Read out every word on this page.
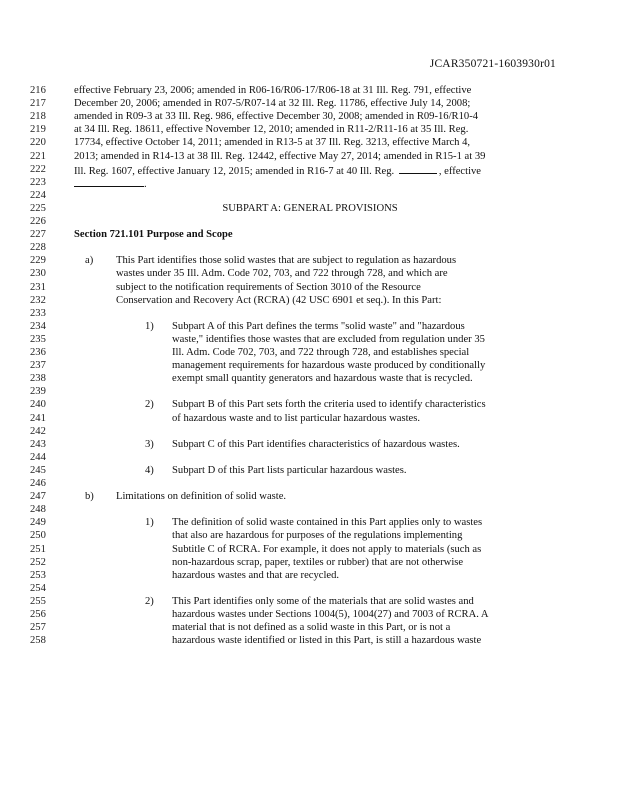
JCAR350721-1603930r01
216	effective February 23, 2006; amended in R06-16/R06-17/R06-18 at 31 Ill. Reg. 791, effective
217	December 20, 2006; amended in R07-5/R07-14 at 32 Ill. Reg. 11786, effective July 14, 2008;
218	amended in R09-3 at 33 Ill. Reg. 986, effective December 30, 2008; amended in R09-16/R10-4
219	at 34 Ill. Reg. 18611, effective November 12, 2010; amended in R11-2/R11-16 at 35 Ill. Reg.
220	17734, effective October 14, 2011; amended in R13-5 at 37 Ill. Reg. 3213, effective March 4,
221	2013; amended in R14-13 at 38 Ill. Reg. 12442, effective May 27, 2014; amended in R15-1 at 39
222	Ill. Reg. 1607, effective January 12, 2015; amended in R16-7 at 40 Ill. Reg.	, effective
223	.
224
225	SUBPART A: GENERAL PROVISIONS
226
227	Section 721.101 Purpose and Scope
228
229	a) This Part identifies those solid wastes that are subject to regulation as hazardous
230	wastes under 35 Ill. Adm. Code 702, 703, and 722 through 728, and which are
231	subject to the notification requirements of Section 3010 of the Resource
232	Conservation and Recovery Act (RCRA) (42 USC 6901 et seq.). In this Part:
233
234	1) Subpart A of this Part defines the terms "solid waste" and "hazardous
235	waste," identifies those wastes that are excluded from regulation under 35
236	Ill. Adm. Code 702, 703, and 722 through 728, and establishes special
237	management requirements for hazardous waste produced by conditionally
238	exempt small quantity generators and hazardous waste that is recycled.
239
240	2) Subpart B of this Part sets forth the criteria used to identify characteristics
241	of hazardous waste and to list particular hazardous wastes.
242
243	3) Subpart C of this Part identifies characteristics of hazardous wastes.
244
245	4) Subpart D of this Part lists particular hazardous wastes.
246
247	b) Limitations on definition of solid waste.
248
249	1) The definition of solid waste contained in this Part applies only to wastes
250	that also are hazardous for purposes of the regulations implementing
251	Subtitle C of RCRA. For example, it does not apply to materials (such as
252	non-hazardous scrap, paper, textiles or rubber) that are not otherwise
253	hazardous wastes and that are recycled.
254
255	2) This Part identifies only some of the materials that are solid wastes and
256	hazardous wastes under Sections 1004(5), 1004(27) and 7003 of RCRA. A
257	material that is not defined as a solid waste in this Part, or is not a
258	hazardous waste identified or listed in this Part, is still a hazardous waste
